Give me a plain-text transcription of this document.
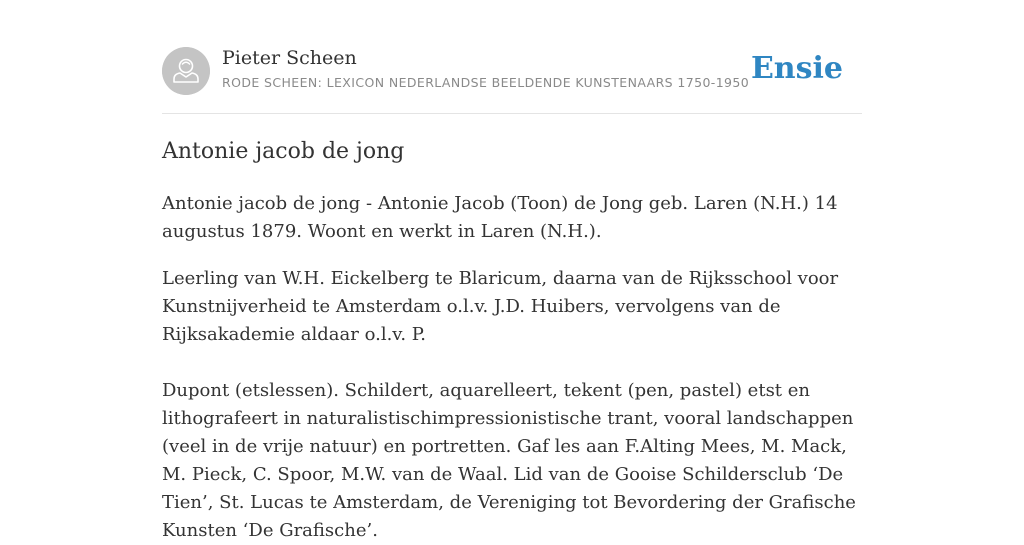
Pieter Scheen
RODE SCHEEN: LEXICON NEDERLANDSE BEELDENDE KUNSTENAARS 1750-1950 Ensie
Antonie jacob de jong

Antonie jacob de jong - Antonie Jacob (Toon) de Jong geb. Laren (N.H.) 14 augustus 1879. Woont en werkt in Laren (N.H.).

Leerling van W.H. Eickelberg te Blaricum, daarna van de Rijksschool voor Kunstnijverheid te Amsterdam o.l.v. J.D. Huibers, vervolgens van de Rijksakademie aldaar o.l.v. P.

Dupont (etslessen). Schildert, aquarelleert, tekent (pen, pastel) etst en lithografeert in naturalistischimpressionistische trant, vooral landschappen (veel in de vrije natuur) en portretten. Gaf les aan F.Alting Mees, M. Mack, M. Pieck, C. Spoor, M.W. van de Waal. Lid van de Gooise Schildersclub ‘De Tien’, St. Lucas te Amsterdam, de Vereniging tot Bevordering der Grafische Kunsten ‘De Grafische’.
